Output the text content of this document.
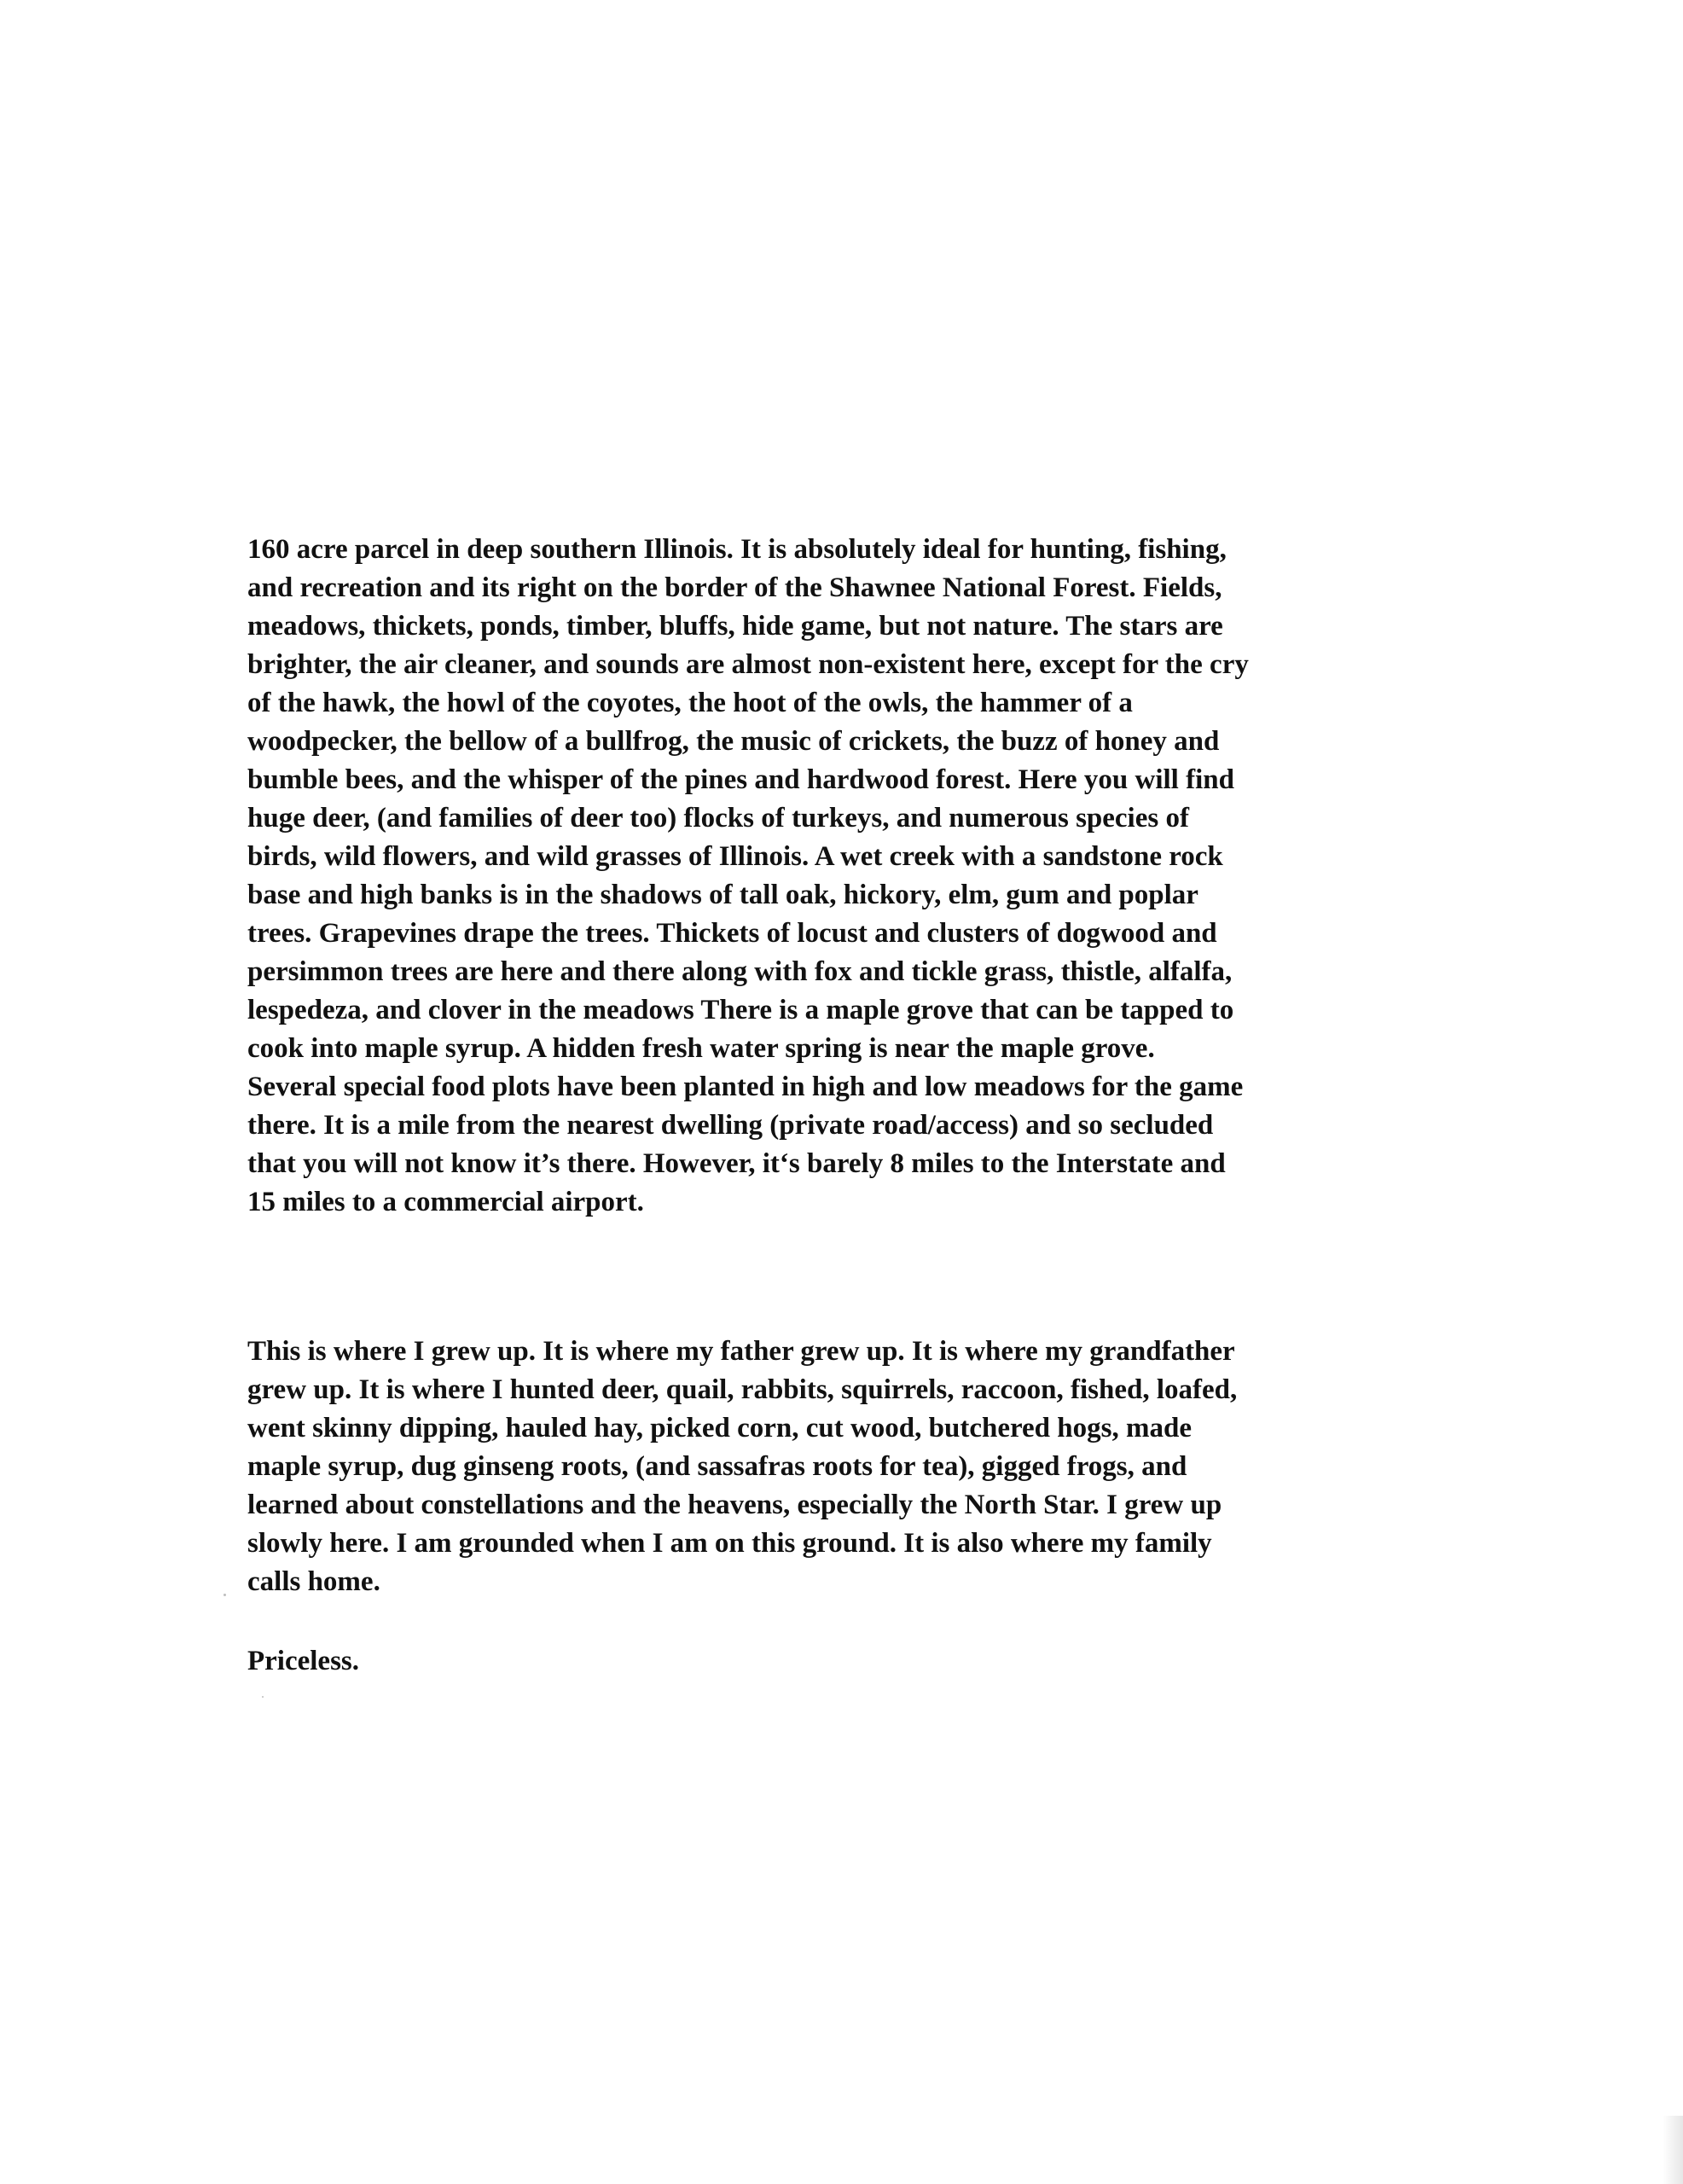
160 acre parcel in deep southern Illinois. It is absolutely ideal for hunting, fishing,
and recreation and its right on the border of the Shawnee National Forest. Fields,
meadows, thickets, ponds, timber, bluffs, hide game, but not nature. The stars are
brighter, the air cleaner, and sounds are almost non-existent here, except for the cry
of the hawk, the howl of the coyotes, the hoot of the owls, the hammer of a
woodpecker, the bellow of a bullfrog, the music of crickets, the buzz of honey and
bumble bees, and the whisper of the pines and hardwood forest. Here you will find
huge deer, (and families of deer too) flocks of turkeys, and numerous species of
birds, wild flowers, and wild grasses of Illinois. A wet creek with a sandstone rock
base and high banks is in the shadows of tall oak, hickory, elm, gum and poplar
trees. Grapevines drape the trees. Thickets of locust and clusters of dogwood and
persimmon trees are here and there along with fox and tickle grass, thistle, alfalfa,
lespedeza, and clover in the meadows There is a maple grove that can be tapped to
cook into maple syrup. A hidden fresh water spring is near the maple grove.
Several special food plots have been planted in high and low meadows for the game
there. It is a mile from the nearest dwelling (private road/access) and so secluded
that you will not know it’s there. However, it‘s barely 8 miles to the Interstate and
15 miles to a commercial airport.

This is where I grew up. It is where my father grew up. It is where my grandfather
grew up. It is where I hunted deer, quail, rabbits, squirrels, raccoon, fished, loafed,
went skinny dipping, hauled hay, picked corn, cut wood, butchered hogs, made
maple syrup, dug ginseng roots, (and sassafras roots for tea), gigged frogs, and
learned about constellations and the heavens, especially the North Star. I grew up
slowly here. I am grounded when I am on this ground. It is also where my family
calls home.

Priceless.
